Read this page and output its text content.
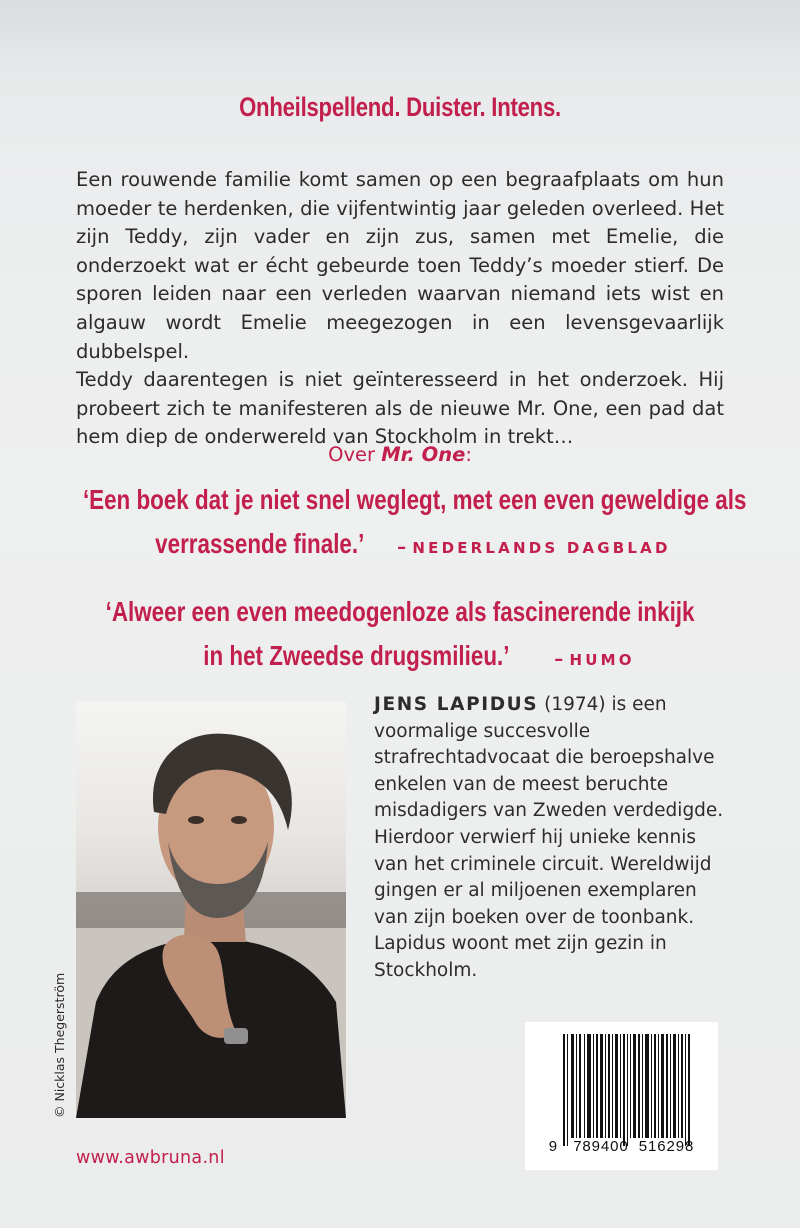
Onheilspellend. Duister. Intens.

Een rouwende familie komt samen op een begraafplaats om hun moeder te herdenken, die vijfentwintig jaar geleden overleed. Het zijn Teddy, zijn vader en zijn zus, samen met Emelie, die onderzoekt wat er écht gebeurde toen Teddy’s moeder stierf. De sporen leiden naar een verleden waarvan niemand iets wist en algauw wordt Emelie meegezogen in een levensgevaarlijk dubbelspel.

Teddy daarentegen is niet geïnteresseerd in het onderzoek. Hij probeert zich te manifesteren als de nieuwe Mr. One, een pad dat hem diep de onderwereld van Stockholm in trekt…

Over Mr. One:
‘Een boek dat je niet snel weglegt, met een even geweldige als
verrassende finale.’ – NEDERLANDS DAGBLAD
‘Alweer een even meedogenloze als fascinerende inkijk
in het Zweedse drugsmilieu.’ – HUMO
© Nicklas Thegerström
JENS LAPIDUS (1974) is een voormalige succesvolle strafrechtadvocaat die beroepshalve enkelen van de meest beruchte misdadigers van Zweden verdedigde. Hierdoor verwierf hij unieke kennis van het criminele circuit. Wereldwijd gingen er al miljoenen exemplaren van zijn boeken over de toonbank. Lapidus woont met zijn gezin in Stockholm.
9 789400 516298
www.awbruna.nl
